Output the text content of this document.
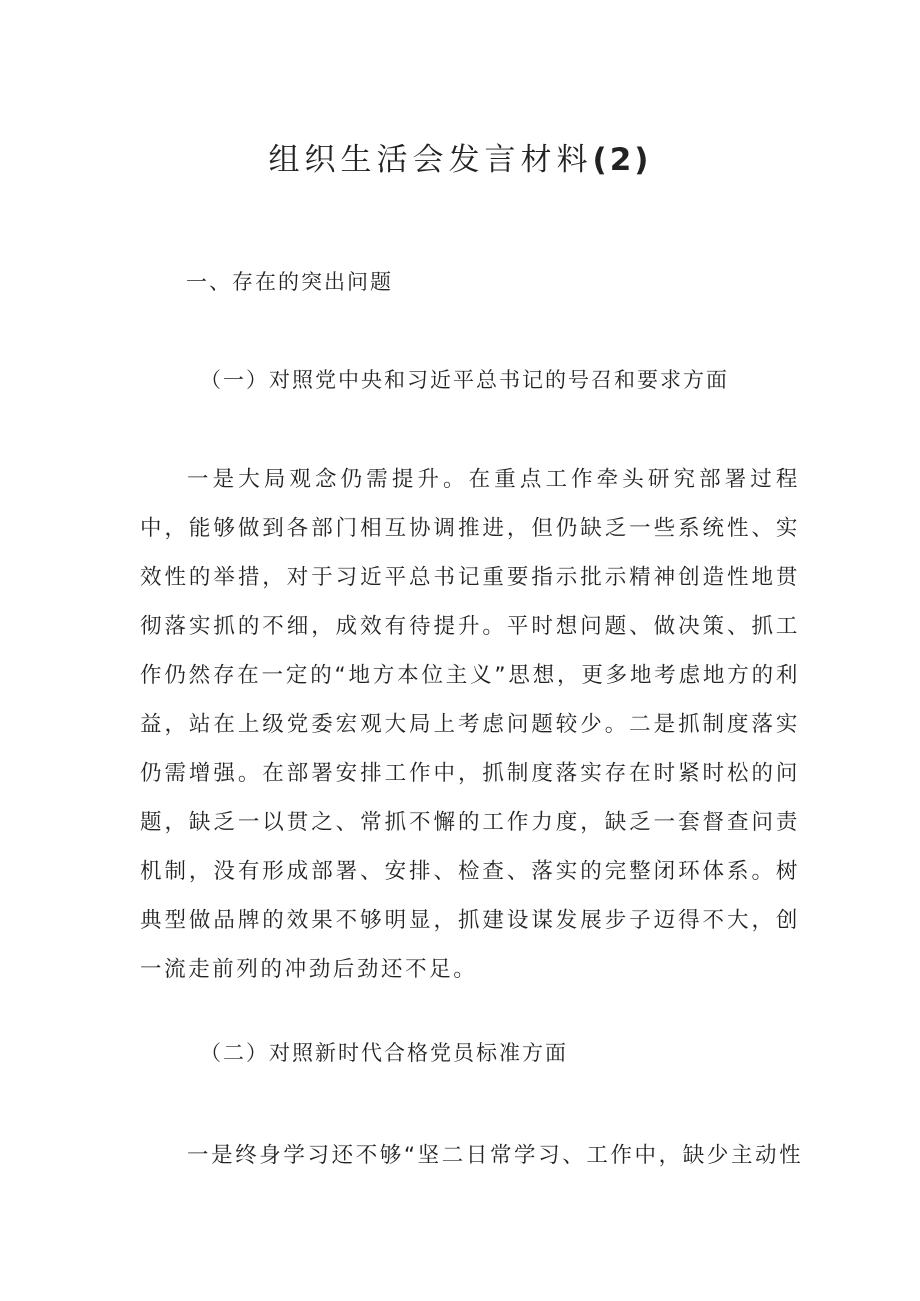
组织生活会发言材料(2)

一、存在的突出问题

（一）对照党中央和习近平总书记的号召和要求方面

一是大局观念仍需提升。在重点工作牵头研究部署过程中，能够做到各部门相互协调推进，但仍缺乏一些系统性、实效性的举措，对于习近平总书记重要指示批示精神创造性地贯彻落实抓的不细，成效有待提升。平时想问题、做决策、抓工作仍然存在一定的“地方本位主义”思想，更多地考虑地方的利益，站在上级党委宏观大局上考虑问题较少。二是抓制度落实仍需增强。在部署安排工作中，抓制度落实存在时紧时松的问题，缺乏一以贯之、常抓不懈的工作力度，缺乏一套督查问责机制，没有形成部署、安排、检查、落实的完整闭环体系。树典型做品牌的效果不够明显，抓建设谋发展步子迈得不大，创一流走前列的冲劲后劲还不足。

（二）对照新时代合格党员标准方面

一是终身学习还不够“坚二日常学习、工作中，缺少主动性
